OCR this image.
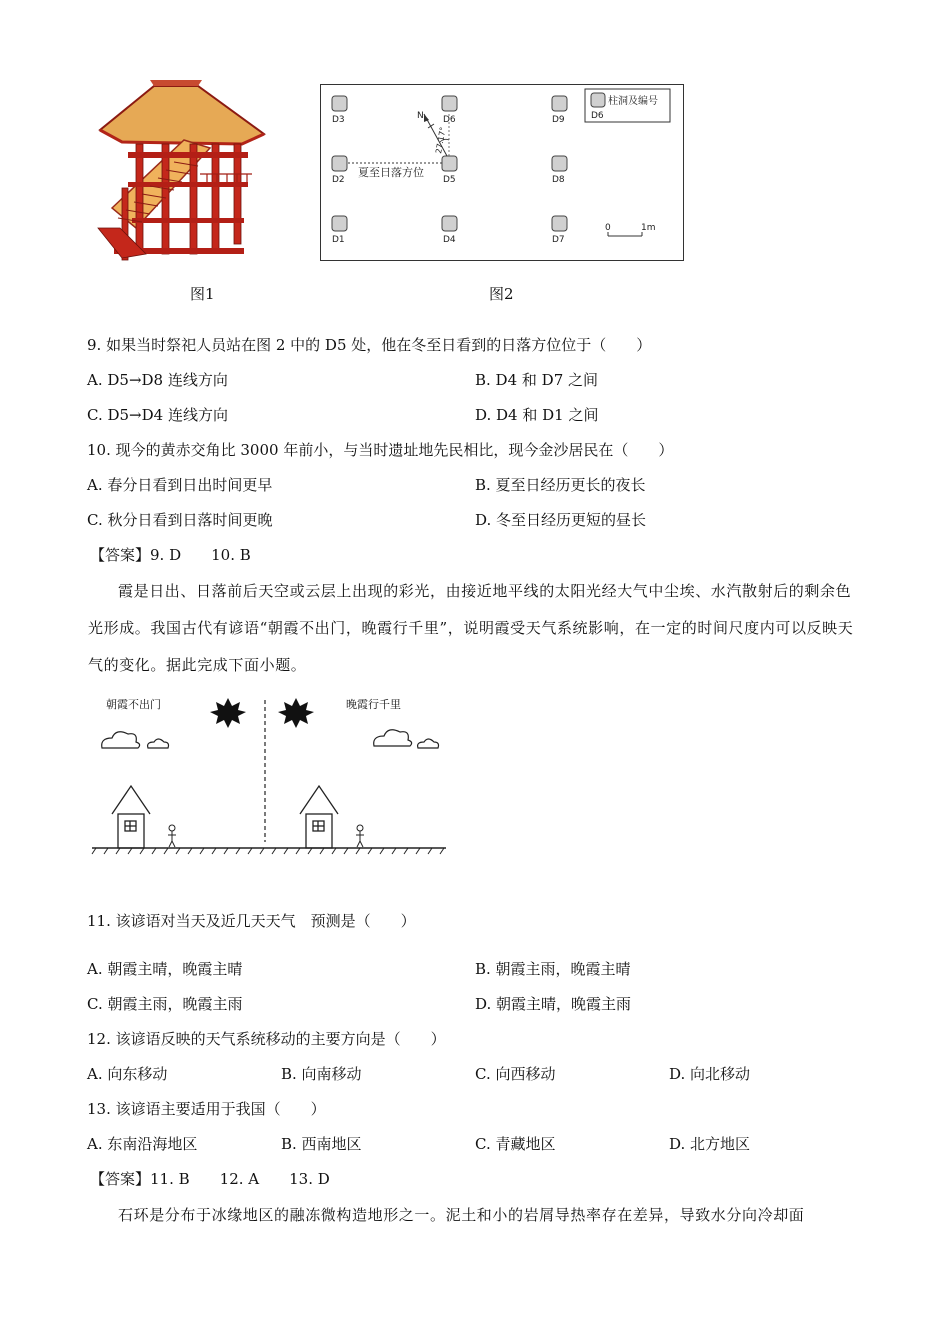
图1
D3	D6	D9
D2	D5	D8
D1	D4	D7
D6
N
0	1m
柱洞及编号
夏至日落方位
27.17°
图2
9. 如果当时祭祀人员站在图 2 中的 D5 处，他在冬至日看到的日落方位位于（　　）
A. D5→D8 连线方向	B. D4 和 D7 之间
C. D5→D4 连线方向	D. D4 和 D1 之间
10. 现今的黄赤交角比 3000 年前小，与当时遗址地先民相比，现今金沙居民在（　　）
A. 春分日看到日出时间更早	B. 夏至日经历更长的夜长
C. 秋分日看到日落时间更晚	D. 冬至日经历更短的昼长
【答案】9. D　　10. B
霞是日出、日落前后天空或云层上出现的彩光，由接近地平线的太阳光经大气中尘埃、水汽散射后的剩余色光形成。我国古代有谚语“朝霞不出门，晚霞行千里”，说明霞受天气系统影响，在一定的时间尺度内可以反映天气的变化。据此完成下面小题。
朝霞不出门	晚霞行千里
11. 该谚语对当天及近几天天气　预测是（　　）
A. 朝霞主晴，晚霞主晴	B. 朝霞主雨，晚霞主晴
C. 朝霞主雨，晚霞主雨	D. 朝霞主晴，晚霞主雨
12. 该谚语反映的天气系统移动的主要方向是（　　）
A. 向东移动	B. 向南移动	C. 向西移动	D. 向北移动
13. 该谚语主要适用于我国（　　）
A. 东南沿海地区	B. 西南地区	C. 青藏地区	D. 北方地区
【答案】11. B　　12. A　　13. D
石环是分布于冰缘地区的融冻微构造地形之一。泥土和小的岩屑导热率存在差异，导致水分向冷却面
